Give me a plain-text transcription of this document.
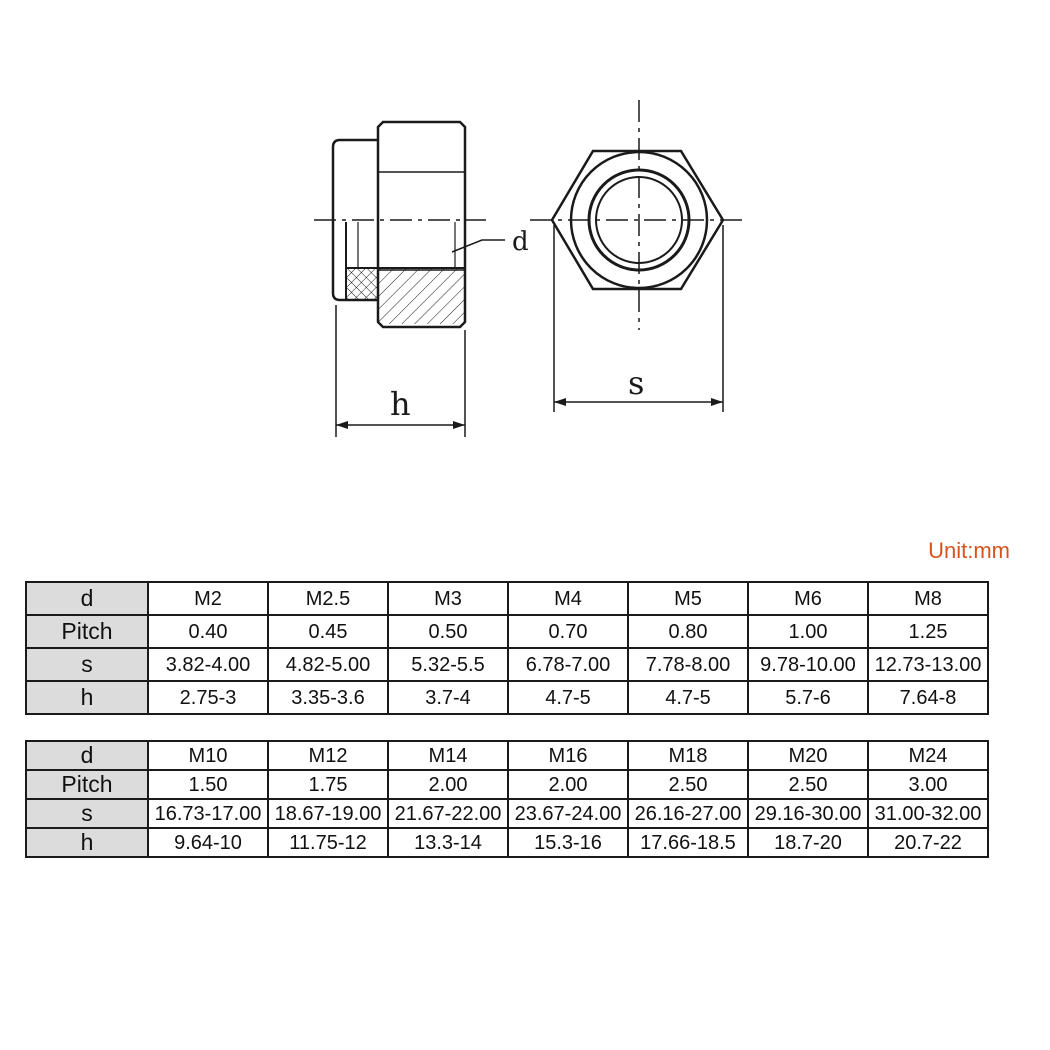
d
h
s
Unit:mm
d	M2	M2.5	M3	M4	M5	M6	M8
Pitch	0.40	0.45	0.50	0.70	0.80	1.00	1.25
s	3.82-4.00	4.82-5.00	5.32-5.5	6.78-7.00	7.78-8.00	9.78-10.00	12.73-13.00
h	2.75-3	3.35-3.6	3.7-4	4.7-5	4.7-5	5.7-6	7.64-8
d	M10	M12	M14	M16	M18	M20	M24
Pitch	1.50	1.75	2.00	2.00	2.50	2.50	3.00
s	16.73-17.00	18.67-19.00	21.67-22.00	23.67-24.00	26.16-27.00	29.16-30.00	31.00-32.00
h	9.64-10	11.75-12	13.3-14	15.3-16	17.66-18.5	18.7-20	20.7-22
